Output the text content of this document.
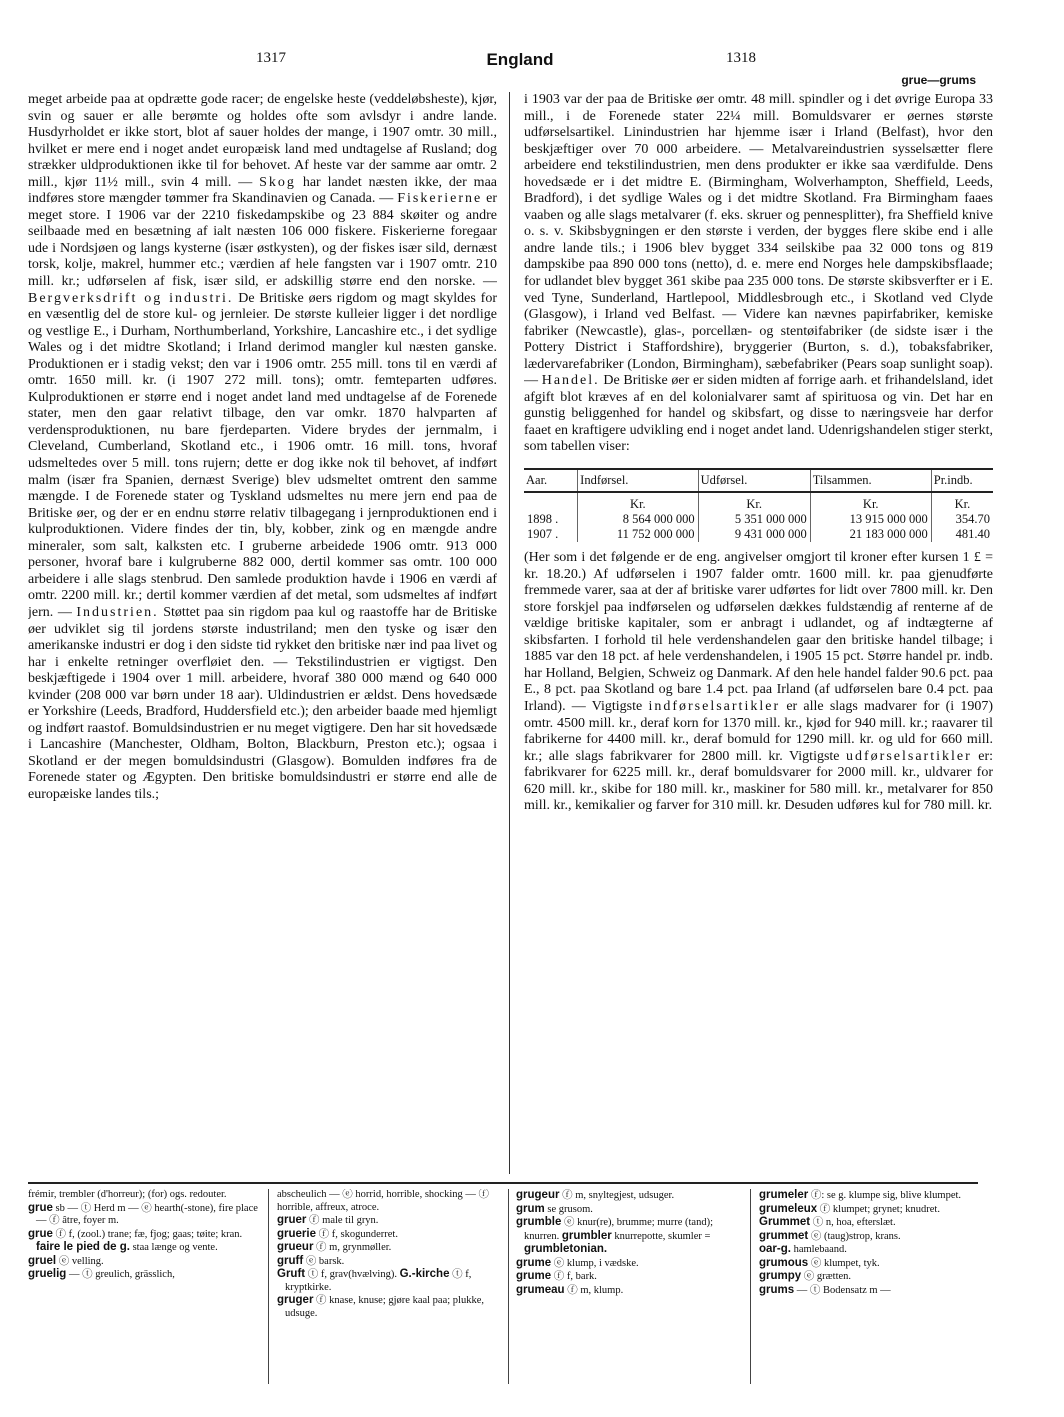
1317	England	1318
grue—grums

meget arbeide paa at opdrætte gode racer; de engelske heste (veddeløbsheste), kjør, svin og sauer er alle berømte og holdes ofte som avlsdyr i andre lande. Husdyrholdet er ikke stort, blot af sauer holdes der mange, i 1907 omtr. 30 mill., hvilket er mere end i noget andet europæisk land med undtagelse af Rusland; dog strækker uldproduktionen ikke til for behovet. Af heste var der samme aar omtr. 2 mill., kjør 11½ mill., svin 4 mill. — Skog har landet næsten ikke, der maa indføres store mængder tømmer fra Skandinavien og Canada. — Fiskerierne er meget store. I 1906 var der 2210 fiskedampskibe og 23 884 skøiter og andre seilbaade med en besætning af ialt næsten 106 000 fiskere. Fiskerierne foregaar ude i Nordsjøen og langs kysterne (især østkysten), og der fiskes især sild, dernæst torsk, kolje, makrel, hummer etc.; værdien af hele fangsten var i 1907 omtr. 210 mill. kr.; udførselen af fisk, især sild, er adskillig større end den norske. — Bergverksdrift og industri. De Britiske øers rigdom og magt skyldes for en væsentlig del de store kul- og jernleier. De største kulleier ligger i det nordlige og vestlige E., i Durham, Northumberland, Yorkshire, Lancashire etc., i det sydlige Wales og i det midtre Skotland; i Irland derimod mangler kul næsten ganske. Produktionen er i stadig vekst; den var i 1906 omtr. 255 mill. tons til en værdi af omtr. 1650 mill. kr. (i 1907 272 mill. tons); omtr. femteparten udføres. Kulproduktionen er større end i noget andet land med undtagelse af de Forenede stater, men den gaar relativt tilbage, den var omkr. 1870 halvparten af verdensproduktionen, nu bare fjerdeparten. Videre brydes der jernmalm, i Cleveland, Cumberland, Skotland etc., i 1906 omtr. 16 mill. tons, hvoraf udsmeltedes over 5 mill. tons rujern; dette er dog ikke nok til behovet, af indført malm (især fra Spanien, dernæst Sverige) blev udsmeltet omtrent den samme mængde. I de Forenede stater og Tyskland udsmeltes nu mere jern end paa de Britiske øer, og der er en endnu større relativ tilbagegang i jernproduktionen end i kulproduktionen. Videre findes der tin, bly, kobber, zink og en mængde andre mineraler, som salt, kalksten etc. I gruberne arbeidede 1906 omtr. 913 000 personer, hvoraf bare i kulgruberne 882 000, dertil kommer sas omtr. 100 000 arbeidere i alle slags stenbrud. Den samlede produktion havde i 1906 en værdi af omtr. 2200 mill. kr.; dertil kommer værdien af det metal, som udsmeltes af indført jern. — Industrien. Støttet paa sin rigdom paa kul og raastoffe har de Britiske øer udviklet sig til jordens største industriland; men den tyske og især den amerikanske industri er dog i den sidste tid rykket den britiske nær ind paa livet og har i enkelte retninger overfløiet den. — Tekstilindustrien er vigtigst. Den beskjæftigede i 1904 over 1 mill. arbeidere, hvoraf 380 000 mænd og 640 000 kvinder (208 000 var børn under 18 aar). Uldindustrien er ældst. Dens hovedsæde er Yorkshire (Leeds, Bradford, Huddersfield etc.); den arbeider baade med hjemligt og indført raastof. Bomuldsindustrien er nu meget vigtigere. Den har sit hovedsæde i Lancashire (Manchester, Oldham, Bolton, Blackburn, Preston etc.); ogsaa i Skotland er der megen bomuldsindustri (Glasgow). Bomulden indføres fra de Forenede stater og Ægypten. Den britiske bomuldsindustri er større end alle de europæiske landes tils.;

i 1903 var der paa de Britiske øer omtr. 48 mill. spindler og i det øvrige Europa 33 mill., i de Forenede stater 22¼ mill. Bomuldsvarer er øernes største udførselsartikel. Linindustrien har hjemme især i Irland (Belfast), hvor den beskjæftiger over 70 000 arbeidere. — Metalvareindustrien sysselsætter flere arbeidere end tekstilindustrien, men dens produkter er ikke saa værdifulde. Dens hovedsæde er i det midtre E. (Birmingham, Wolverhampton, Sheffield, Leeds, Bradford), i det sydlige Wales og i det midtre Skotland. Fra Birmingham faaes vaaben og alle slags metalvarer (f. eks. skruer og pennesplitter), fra Sheffield knive o. s. v. Skibsbygningen er den største i verden, der bygges flere skibe end i alle andre lande tils.; i 1906 blev bygget 334 seilskibe paa 32 000 tons og 819 dampskibe paa 890 000 tons (netto), d. e. mere end Norges hele dampskibsflaade; for udlandet blev bygget 361 skibe paa 235 000 tons. De største skibsverfter er i E. ved Tyne, Sunderland, Hartlepool, Middlesbrough etc., i Skotland ved Clyde (Glasgow), i Irland ved Belfast. — Videre kan nævnes papirfabriker, kemiske fabriker (Newcastle), glas-, porcellæn- og stentøifabriker (de sidste især i the Pottery District i Staffordshire), bryggerier (Burton, s. d.), tobaksfabriker, lædervarefabriker (London, Birmingham), sæbefabriker (Pears soap sunlight soap). — Handel. De Britiske øer er siden midten af forrige aarh. et frihandelsland, idet afgift blot kræves af en del kolonialvarer samt af spirituosa og vin. Det har en gunstig beliggenhed for handel og skibsfart, og disse to næringsveie har derfor faaet en kraftigere udvikling end i noget andet land. Udenrigshandelen stiger sterkt, som tabellen viser:

Aar.	Indførsel.	Udførsel.	Tilsammen.	Pr.indb.
	Kr.	Kr.	Kr.	Kr.
1898 .	8 564 000 000	5 351 000 000	13 915 000 000	354.70
1907 .	11 752 000 000	9 431 000 000	21 183 000 000	481.40

(Her som i det følgende er de eng. angivelser omgjort til kroner efter kursen 1 £ = kr. 18.20.) Af udførselen i 1907 falder omtr. 1600 mill. kr. paa gjenudførte fremmede varer, saa at der af britiske varer udførtes for lidt over 7800 mill. kr. Den store forskjel paa indførselen og udførselen dækkes fuldstændig af renterne af de vældige britiske kapitaler, som er anbragt i udlandet, og af indtægterne af skibsfarten. I forhold til hele verdenshandelen gaar den britiske handel tilbage; i 1885 var den 18 pct. af hele verdenshandelen, i 1905 15 pct. Større handel pr. indb. har Holland, Belgien, Schweiz og Danmark. Af den hele handel falder 90.6 pct. paa E., 8 pct. paa Skotland og bare 1.4 pct. paa Irland (af udførselen bare 0.4 pct. paa Irland). — Vigtigste indførselsartikler er alle slags madvarer for (i 1907) omtr. 4500 mill. kr., deraf korn for 1370 mill. kr., kjød for 940 mill. kr.; raavarer til fabrikerne for 4400 mill. kr., deraf bomuld for 1290 mill. kr. og uld for 660 mill. kr.; alle slags fabrikvarer for 2800 mill. kr. Vigtigste udførselsartikler er: fabrikvarer for 6225 mill. kr., deraf bomuldsvarer for 2000 mill. kr., uldvarer for 620 mill. kr., skibe for 180 mill. kr., maskiner for 580 mill. kr., metalvarer for 850 mill. kr., kemikalier og farver for 310 mill. kr. Desuden udføres kul for 780 mill. kr.

frémir, trembler (d'horreur); (for) ogs. redouter.

grue sb — ⓣ Herd m — ⓔ hearth(-stone), fire place — ⓕ âtre, foyer m.

grue ⓕ f, (zool.) trane; fæ, fjog; gaas; tøite; kran. faire le pied de g. staa længe og vente.

gruel ⓔ velling.

gruelig — ⓣ greulich, grässlich,

abscheulich — ⓔ horrid, horrible, shocking — ⓕ horrible, affreux, atroce.

gruer ⓕ male til gryn.

gruerie ⓕ f, skogunderret.

grueur ⓕ m, grynmøller.

gruff ⓔ barsk.

Gruft ⓣ f, grav(hvælving). G.-kirche ⓣ f, kryptkirke.

gruger ⓕ knase, knuse; gjøre kaal paa; plukke, udsuge.

grugeur ⓕ m, snyltegjest, udsuger.

grum se grusom.

grumble ⓔ knur(re), brumme; murre (tand); knurren. grumbler knurrepotte, skumler = grumbletonian.

grume ⓔ klump, i vædske.

grume ⓕ f, bark.

grumeau ⓕ m, klump.

grumeler ⓕ: se g. klumpe sig, blive klumpet.

grumeleux ⓕ klumpet; grynet; knudret.

Grummet ⓣ n, hoa, efterslæt.

grummet ⓔ (taug)strop, krans.

oar-g. hamlebaand.

grumous ⓔ klumpet, tyk.

grumpy ⓔ grætten.

grums — ⓣ Bodensatz m —
